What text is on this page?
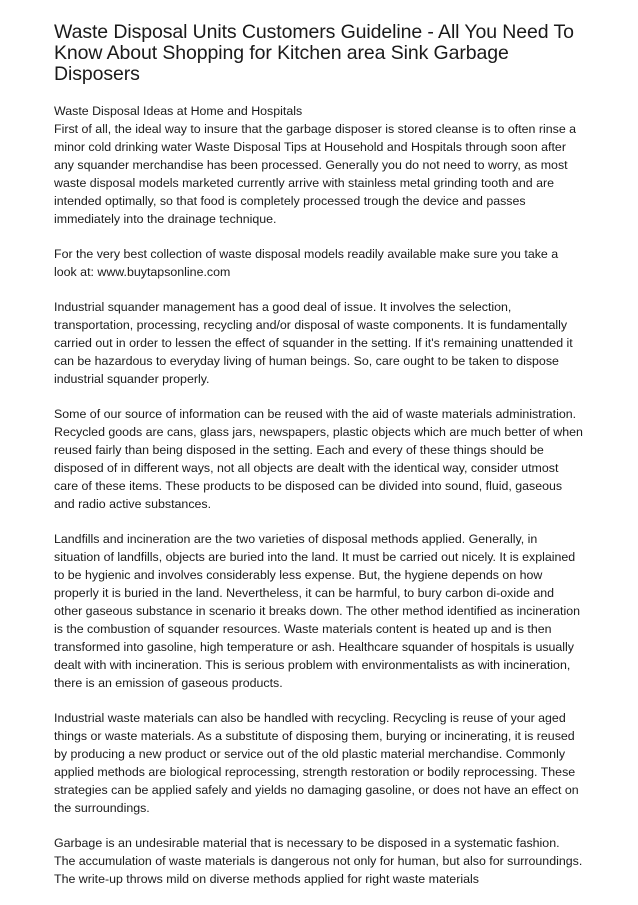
Waste Disposal Units Customers Guideline - All You Need To Know About Shopping for Kitchen area Sink Garbage Disposers

Waste Disposal Ideas at Home and Hospitals
First of all, the ideal way to insure that the garbage disposer is stored cleanse is to often rinse a minor cold drinking water Waste Disposal Tips at Household and Hospitals through soon after any squander merchandise has been processed. Generally you do not need to worry, as most waste disposal models marketed currently arrive with stainless metal grinding tooth and are intended optimally, so that food is completely processed trough the device and passes immediately into the drainage technique.

For the very best collection of waste disposal models readily available make sure you take a look at: www.buytapsonline.com

Industrial squander management has a good deal of issue. It involves the selection, transportation, processing, recycling and/or disposal of waste components. It is fundamentally carried out in order to lessen the effect of squander in the setting. If it's remaining unattended it can be hazardous to everyday living of human beings. So, care ought to be taken to dispose industrial squander properly.

Some of our source of information can be reused with the aid of waste materials administration. Recycled goods are cans, glass jars, newspapers, plastic objects which are much better of when reused fairly than being disposed in the setting. Each and every of these things should be disposed of in different ways, not all objects are dealt with the identical way, consider utmost care of these items. These products to be disposed can be divided into sound, fluid, gaseous and radio active substances.

Landfills and incineration are the two varieties of disposal methods applied. Generally, in situation of landfills, objects are buried into the land. It must be carried out nicely. It is explained to be hygienic and involves considerably less expense. But, the hygiene depends on how properly it is buried in the land. Nevertheless, it can be harmful, to bury carbon di-oxide and other gaseous substance in scenario it breaks down. The other method identified as incineration is the combustion of squander resources. Waste materials content is heated up and is then transformed into gasoline, high temperature or ash. Healthcare squander of hospitals is usually dealt with with incineration. This is serious problem with environmentalists as with incineration, there is an emission of gaseous products.

Industrial waste materials can also be handled with recycling. Recycling is reuse of your aged things or waste materials. As a substitute of disposing them, burying or incinerating, it is reused by producing a new product or service out of the old plastic material merchandise. Commonly applied methods are biological reprocessing, strength restoration or bodily reprocessing. These strategies can be applied safely and yields no damaging gasoline, or does not have an effect on the surroundings.

Garbage is an undesirable material that is necessary to be disposed in a systematic fashion. The accumulation of waste materials is dangerous not only for human, but also for surroundings. The write-up throws mild on diverse methods applied for right waste materials
